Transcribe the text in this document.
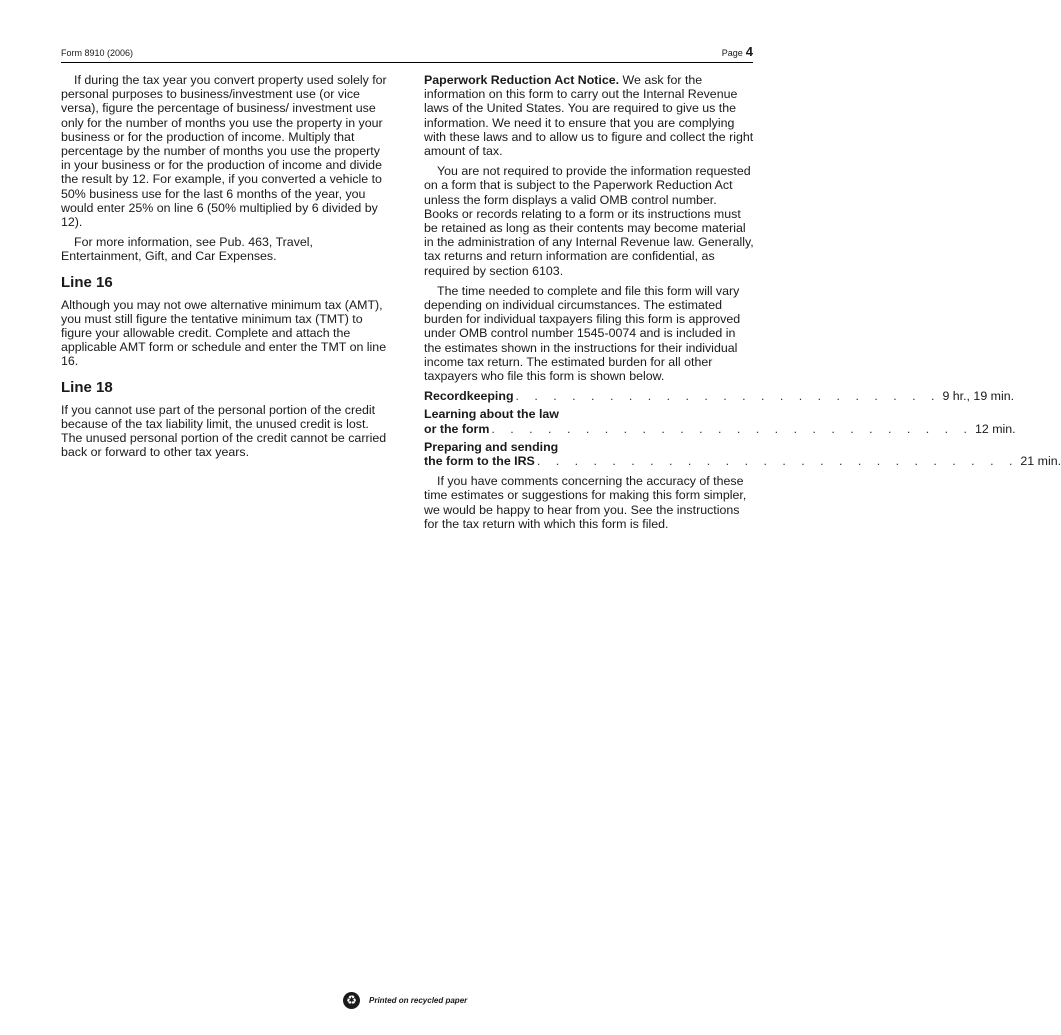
Form 8910 (2006)	Page 4

If during the tax year you convert property used solely for personal purposes to business/investment use (or vice versa), figure the percentage of business/ investment use only for the number of months you use the property in your business or for the production of income. Multiply that percentage by the number of months you use the property in your business or for the production of income and divide the result by 12. For example, if you converted a vehicle to 50% business use for the last 6 months of the year, you would enter 25% on line 6 (50% multiplied by 6 divided by 12).

For more information, see Pub. 463, Travel, Entertainment, Gift, and Car Expenses.

Line 16

Although you may not owe alternative minimum tax (AMT), you must still figure the tentative minimum tax (TMT) to figure your allowable credit. Complete and attach the applicable AMT form or schedule and enter the TMT on line 16.

Line 18

If you cannot use part of the personal portion of the credit because of the tax liability limit, the unused credit is lost. The unused personal portion of the credit cannot be carried back or forward to other tax years.

Paperwork Reduction Act Notice. We ask for the information on this form to carry out the Internal Revenue laws of the United States. You are required to give us the information. We need it to ensure that you are complying with these laws and to allow us to figure and collect the right amount of tax.

You are not required to provide the information requested on a form that is subject to the Paperwork Reduction Act unless the form displays a valid OMB control number. Books or records relating to a form or its instructions must be retained as long as their contents may become material in the administration of any Internal Revenue law. Generally, tax returns and return information are confidential, as required by section 6103.

The time needed to complete and file this form will vary depending on individual circumstances. The estimated burden for individual taxpayers filing this form is approved under OMB control number 1545-0074 and is included in the estimates shown in the instructions for their individual income tax return. The estimated burden for all other taxpayers who file this form is shown below.

Recordkeeping . . . . . . . . . . . . . . . . . . . . . . . 9 hr., 19 min.
Learning about the law
or the form . . . . . . . . . . . . . . . . . . . . . . . . . . 12 min.
Preparing and sending
the form to the IRS . . . . . . . . . . . . . . . . . . . . . . . . . . 21 min.

If you have comments concerning the accuracy of these time estimates or suggestions for making this form simpler, we would be happy to hear from you. See the instructions for the tax return with which this form is filed.

♻	Printed on recycled paper
